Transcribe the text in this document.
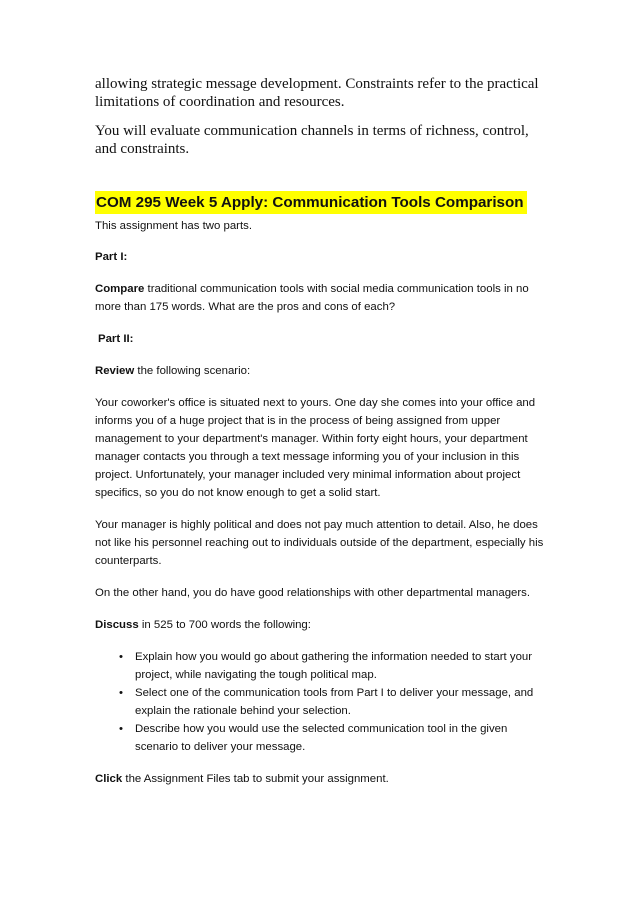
allowing strategic message development. Constraints refer to the practical limitations of coordination and resources.

You will evaluate communication channels in terms of richness, control, and constraints.

COM 295 Week 5 Apply: Communication Tools Comparison

This assignment has two parts.

Part I:

Compare traditional communication tools with social media communication tools in no more than 175 words. What are the pros and cons of each?

Part II:

Review the following scenario:

Your coworker's office is situated next to yours. One day she comes into your office and informs you of a huge project that is in the process of being assigned from upper management to your department's manager. Within forty eight hours, your department manager contacts you through a text message informing you of your inclusion in this project. Unfortunately, your manager included very minimal information about project specifics, so you do not know enough to get a solid start.

Your manager is highly political and does not pay much attention to detail. Also, he does not like his personnel reaching out to individuals outside of the department, especially his counterparts.

On the other hand, you do have good relationships with other departmental managers.

Discuss in 525 to 700 words the following:

• Explain how you would go about gathering the information needed to start your project, while navigating the tough political map.
• Select one of the communication tools from Part I to deliver your message, and explain the rationale behind your selection.
• Describe how you would use the selected communication tool in the given scenario to deliver your message.

Click the Assignment Files tab to submit your assignment.
